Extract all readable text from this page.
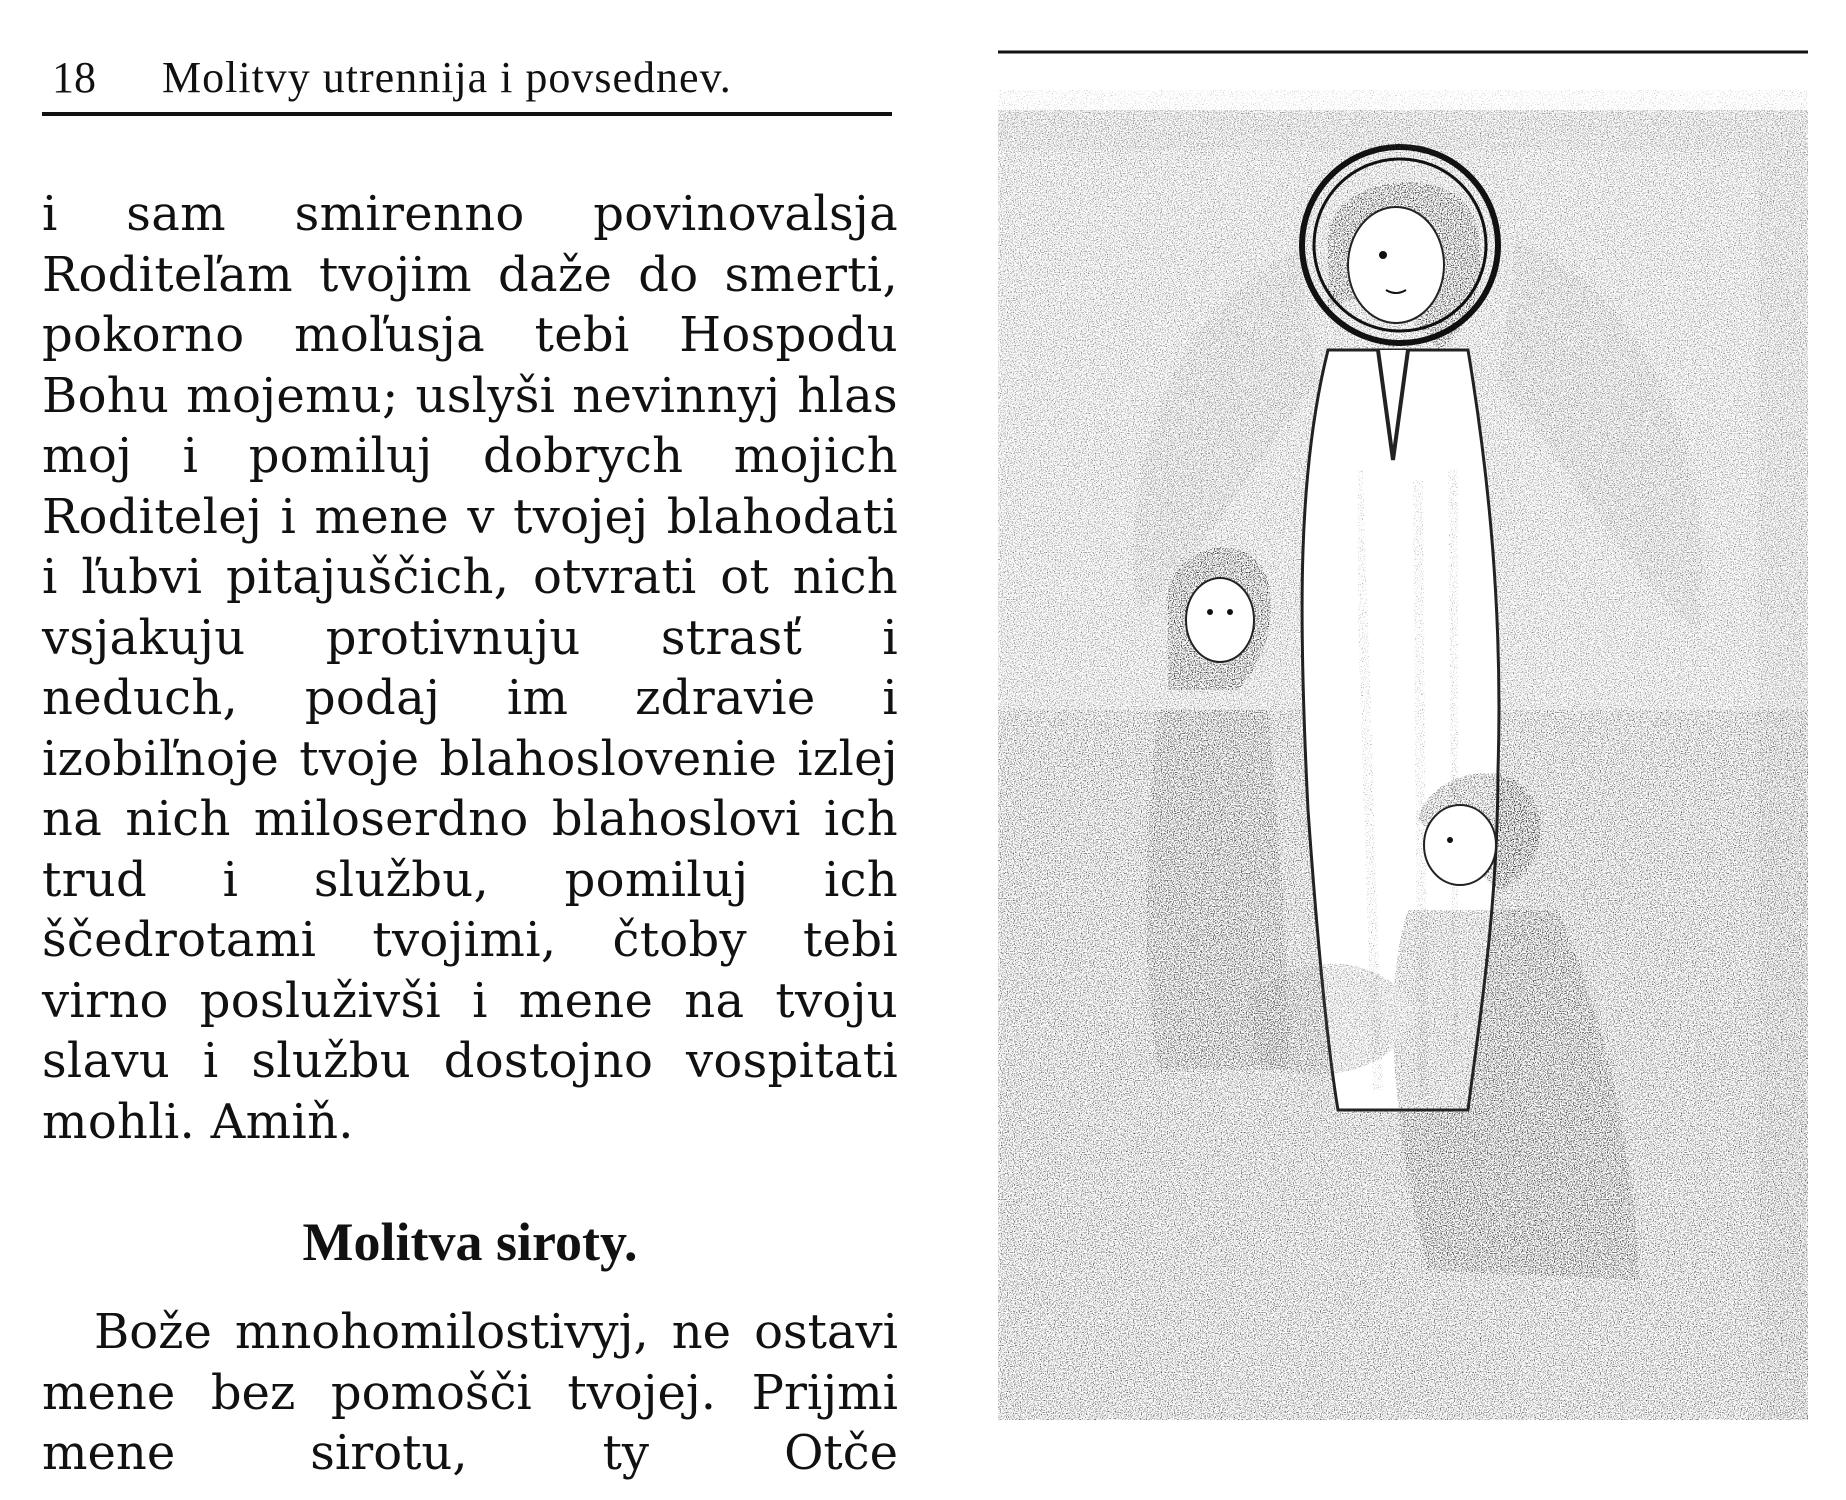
18	Molitvy utrennija i povsednev.

i sam smirenno povinovalsja Roditeľam tvojim daže do smerti, pokorno moľusja tebi Hospodu Bohu mojemu; uslyši nevinnyj hlas moj i pomiluj dobrych mojich Roditelej i mene v tvojej blahodati i ľubvi pitajuščich, otvrati ot nich vsjakuju protivnuju strasť i neduch, podaj im zdravie i izobiľnoje tvoje blahoslovenie izlej na nich miloserdno blahoslovi ich trud i službu, pomiluj ich ščedrotami tvojimi, čtoby tebi virno posluživši i mene na tvoju slavu i službu dostojno vospitati mohli. Amiň.

Molitva siroty.

Bože mnohomilostivyj, ne ostavi mene bez pomošči tvojej. Prijmi mene sirotu, ty Otče
